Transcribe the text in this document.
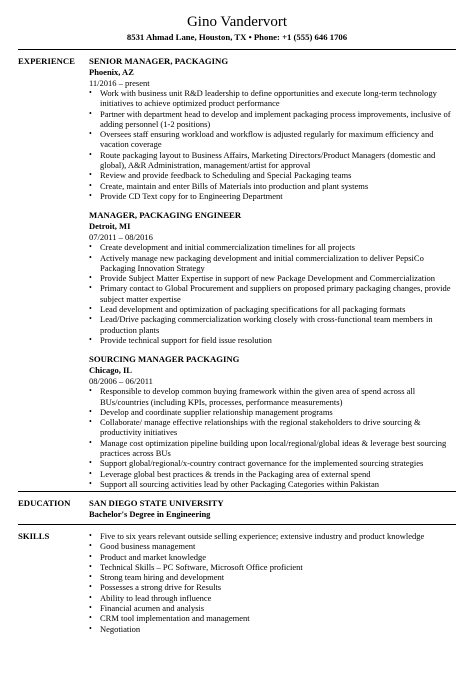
Gino Vandervort
8531 Ahmad Lane, Houston, TX • Phone: +1 (555) 646 1706
EXPERIENCE SENIOR MANAGER, PACKAGING
Phoenix, AZ
11/2016 – present
• Work with business unit R&D leadership to define opportunities and execute long-term technology initiatives to achieve optimized product performance
• Partner with department head to develop and implement packaging process improvements, inclusive of adding personnel (1-2 positions)
• Oversees staff ensuring workload and workflow is adjusted regularly for maximum efficiency and vacation coverage
• Route packaging layout to Business Affairs, Marketing Directors/Product Managers (domestic and global), A&R Administration, management/artist for approval
• Review and provide feedback to Scheduling and Special Packaging teams
• Create, maintain and enter Bills of Materials into production and plant systems
• Provide CD Text copy for to Engineering Department
MANAGER, PACKAGING ENGINEER
Detroit, MI
07/2011 – 08/2016
• Create development and initial commercialization timelines for all projects
• Actively manage new packaging development and initial commercialization to deliver PepsiCo Packaging Innovation Strategy
• Provide Subject Matter Expertise in support of new Package Development and Commercialization
• Primary contact to Global Procurement and suppliers on proposed primary packaging changes, provide subject matter expertise
• Lead development and optimization of packaging specifications for all packaging formats
• Lead/Drive packaging commercialization working closely with cross-functional team members in production plants
• Provide technical support for field issue resolution
SOURCING MANAGER PACKAGING
Chicago, IL
08/2006 – 06/2011
• Responsible to develop common buying framework within the given area of spend across all BUs/countries (including KPIs, processes, performance measurements)
• Develop and coordinate supplier relationship management programs
• Collaborate/ manage effective relationships with the regional stakeholders to drive sourcing & productivity initiatives
• Manage cost optimization pipeline building upon local/regional/global ideas & leverage best sourcing practices across BUs
• Support global/regional/x-country contract governance for the implemented sourcing strategies
• Leverage global best practices & trends in the Packaging area of external spend
• Support all sourcing activities lead by other Packaging Categories within Pakistan
EDUCATION SAN DIEGO STATE UNIVERSITY
Bachelor's Degree in Engineering
SKILLS	• Five to six years relevant outside selling experience; extensive industry and product knowledge
• Good business management
• Product and market knowledge
• Technical Skills – PC Software, Microsoft Office proficient
• Strong team hiring and development
• Possesses a strong drive for Results
• Ability to lead through influence
• Financial acumen and analysis
• CRM tool implementation and management
• Negotiation
